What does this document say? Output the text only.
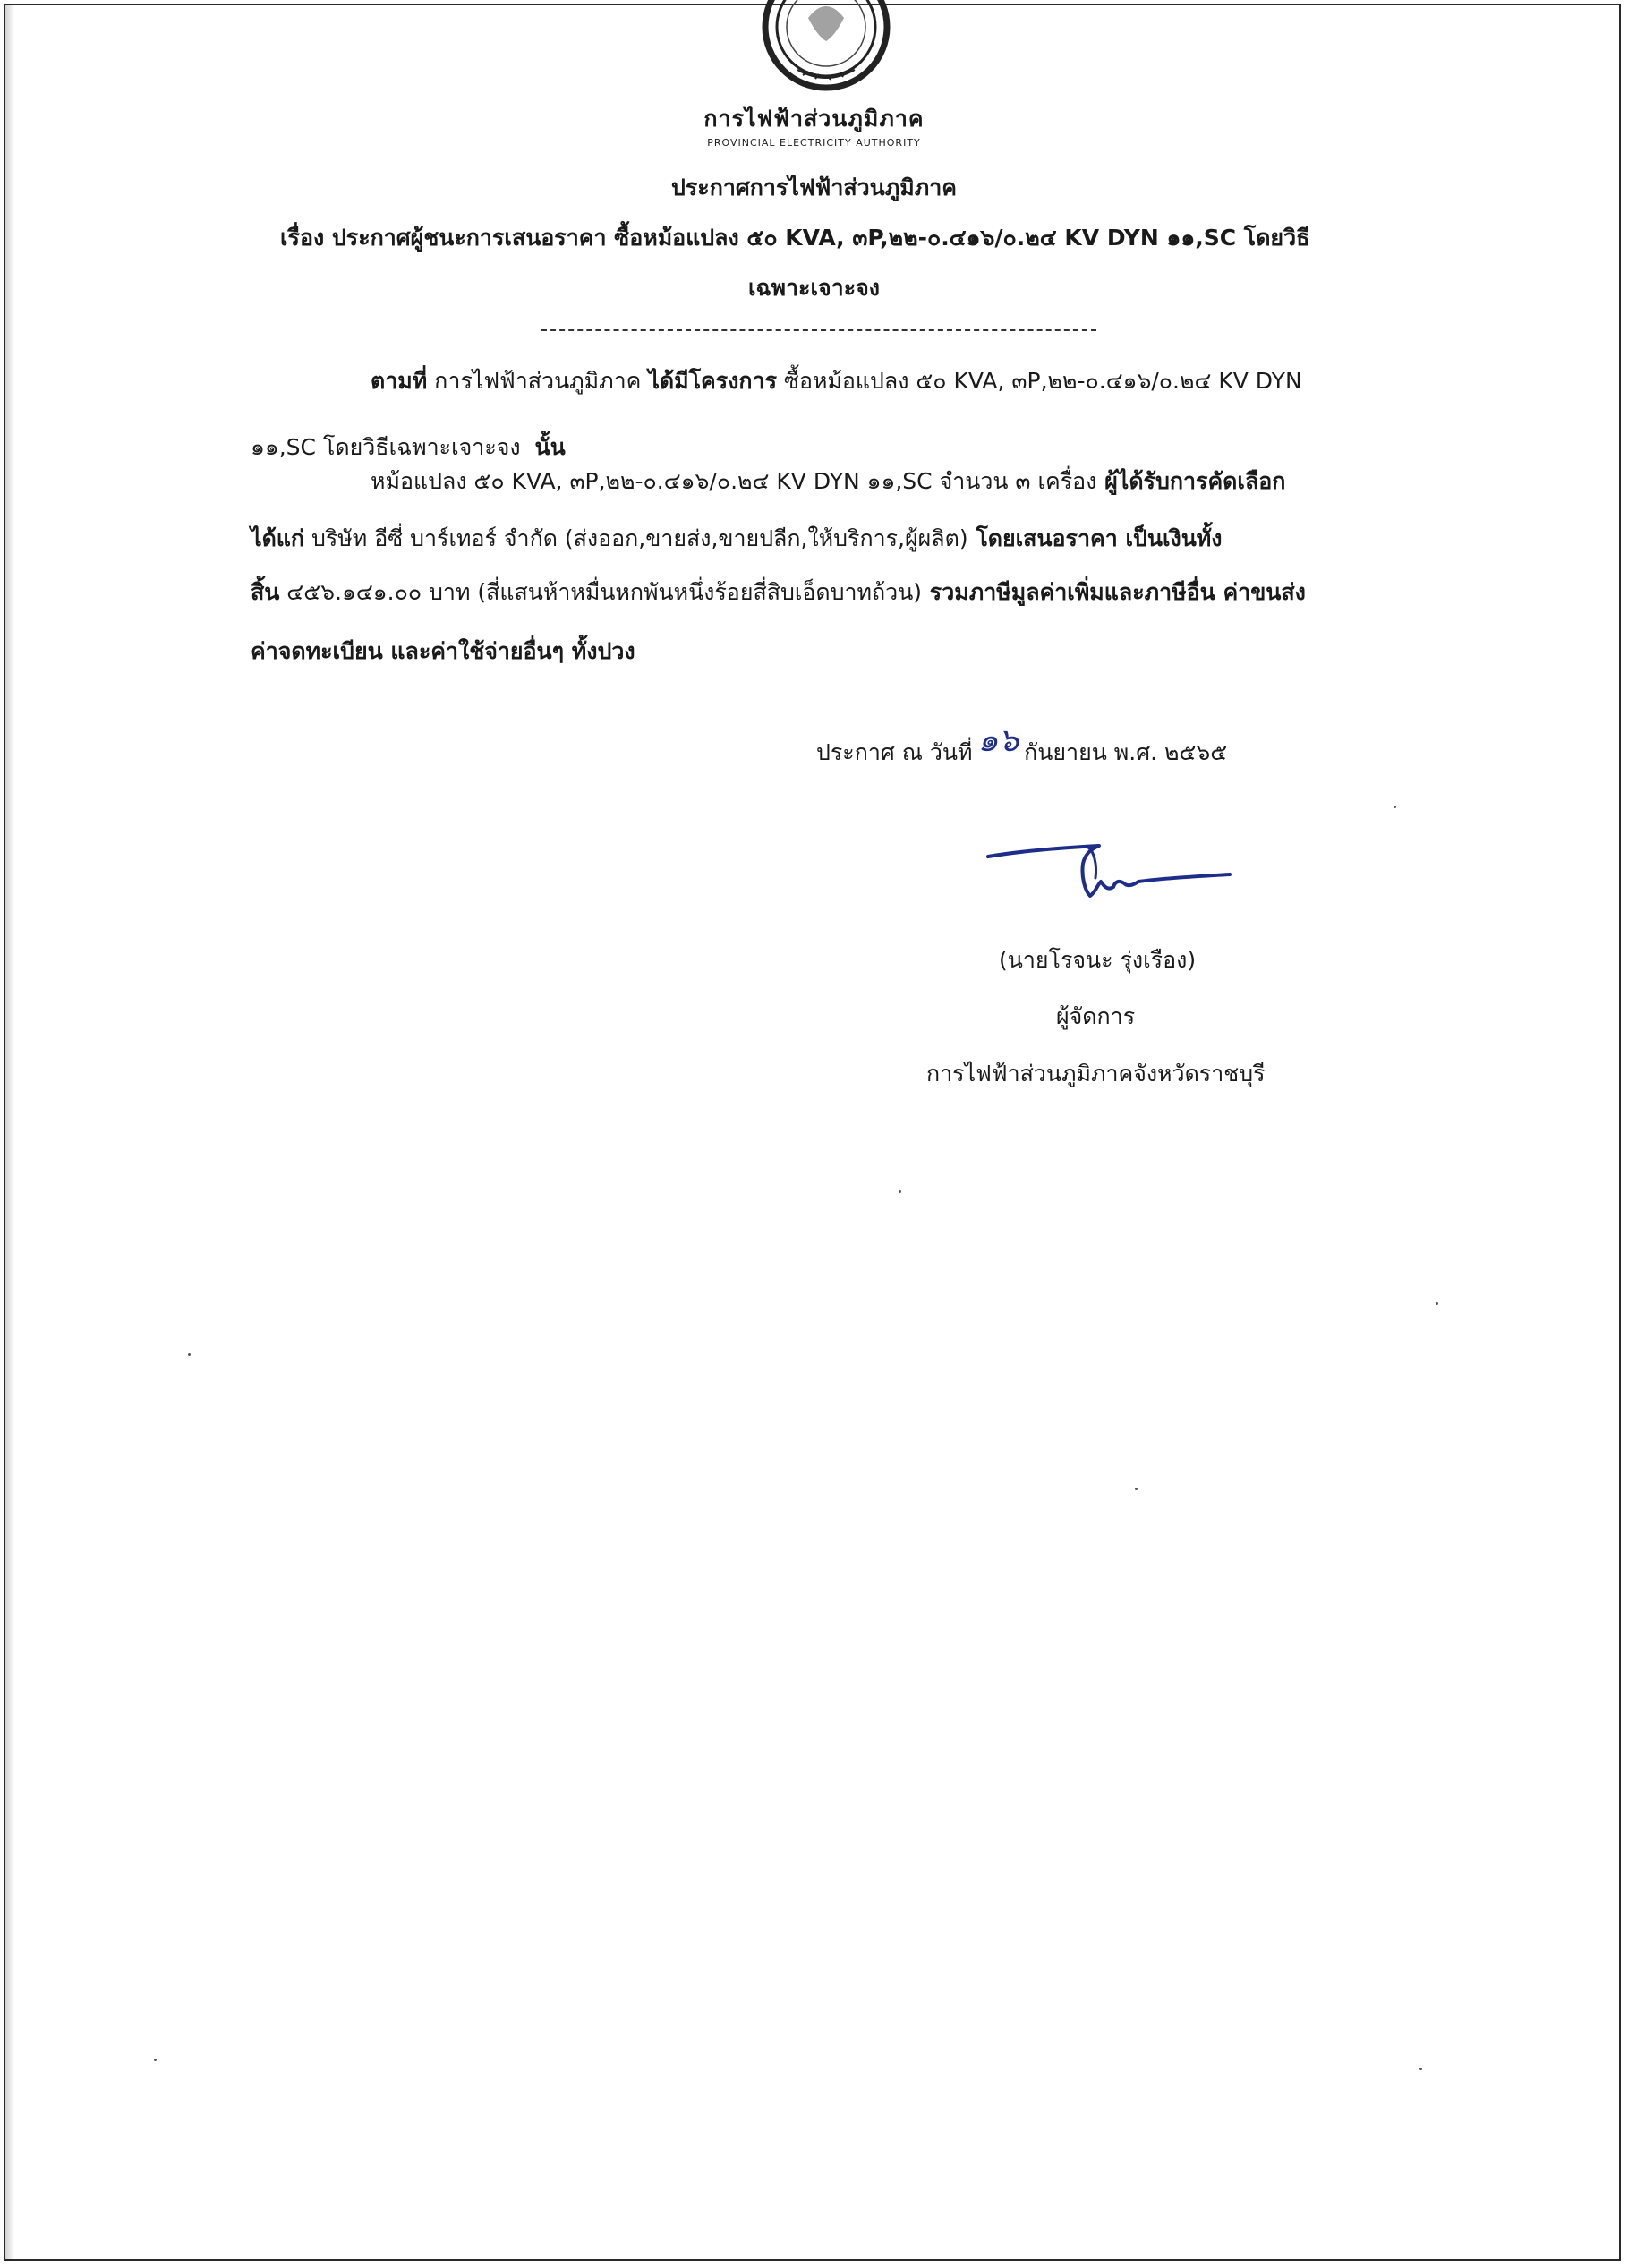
การไฟฟ้าส่วนภูมิภาค
PROVINCIAL ELECTRICITY AUTHORITY
ประกาศการไฟฟ้าส่วนภูมิภาค
เรื่อง ประกาศผู้ชนะการเสนอราคา ซื้อหม้อแปลง ๕๐ KVA, ๓P,๒๒-๐.๔๑๖/๐.๒๔ KV DYN ๑๑,SC โดยวิธี
เฉพาะเจาะจง
ตามที่ การไฟฟ้าส่วนภูมิภาค ได้มีโครงการ ซื้อหม้อแปลง ๕๐ KVA, ๓P,๒๒-๐.๔๑๖/๐.๒๔ KV DYN
๑๑,SC โดยวิธีเฉพาะเจาะจง นั้น
หม้อแปลง ๕๐ KVA, ๓P,๒๒-๐.๔๑๖/๐.๒๔ KV DYN ๑๑,SC จำนวน ๓ เครื่อง ผู้ได้รับการคัดเลือก
ได้แก่ บริษัท อีซี่ บาร์เทอร์ จำกัด (ส่งออก,ขายส่ง,ขายปลีก,ให้บริการ,ผู้ผลิต) โดยเสนอราคา เป็นเงินทั้ง
สิ้น ๔๕๖.๑๔๑.๐๐ บาท (สี่แสนห้าหมื่นหกพันหนึ่งร้อยสี่สิบเอ็ดบาทถ้วน) รวมภาษีมูลค่าเพิ่มและภาษีอื่น ค่าขนส่ง
ค่าจดทะเบียน และค่าใช้จ่ายอื่นๆ ทั้งปวง
ประกาศ ณ วันที่ ๑๖ กันยายน พ.ศ. ๒๕๖๕
(นายโรจนะ รุ่งเรือง)
ผู้จัดการ
การไฟฟ้าส่วนภูมิภาคจังหวัดราชบุรี
